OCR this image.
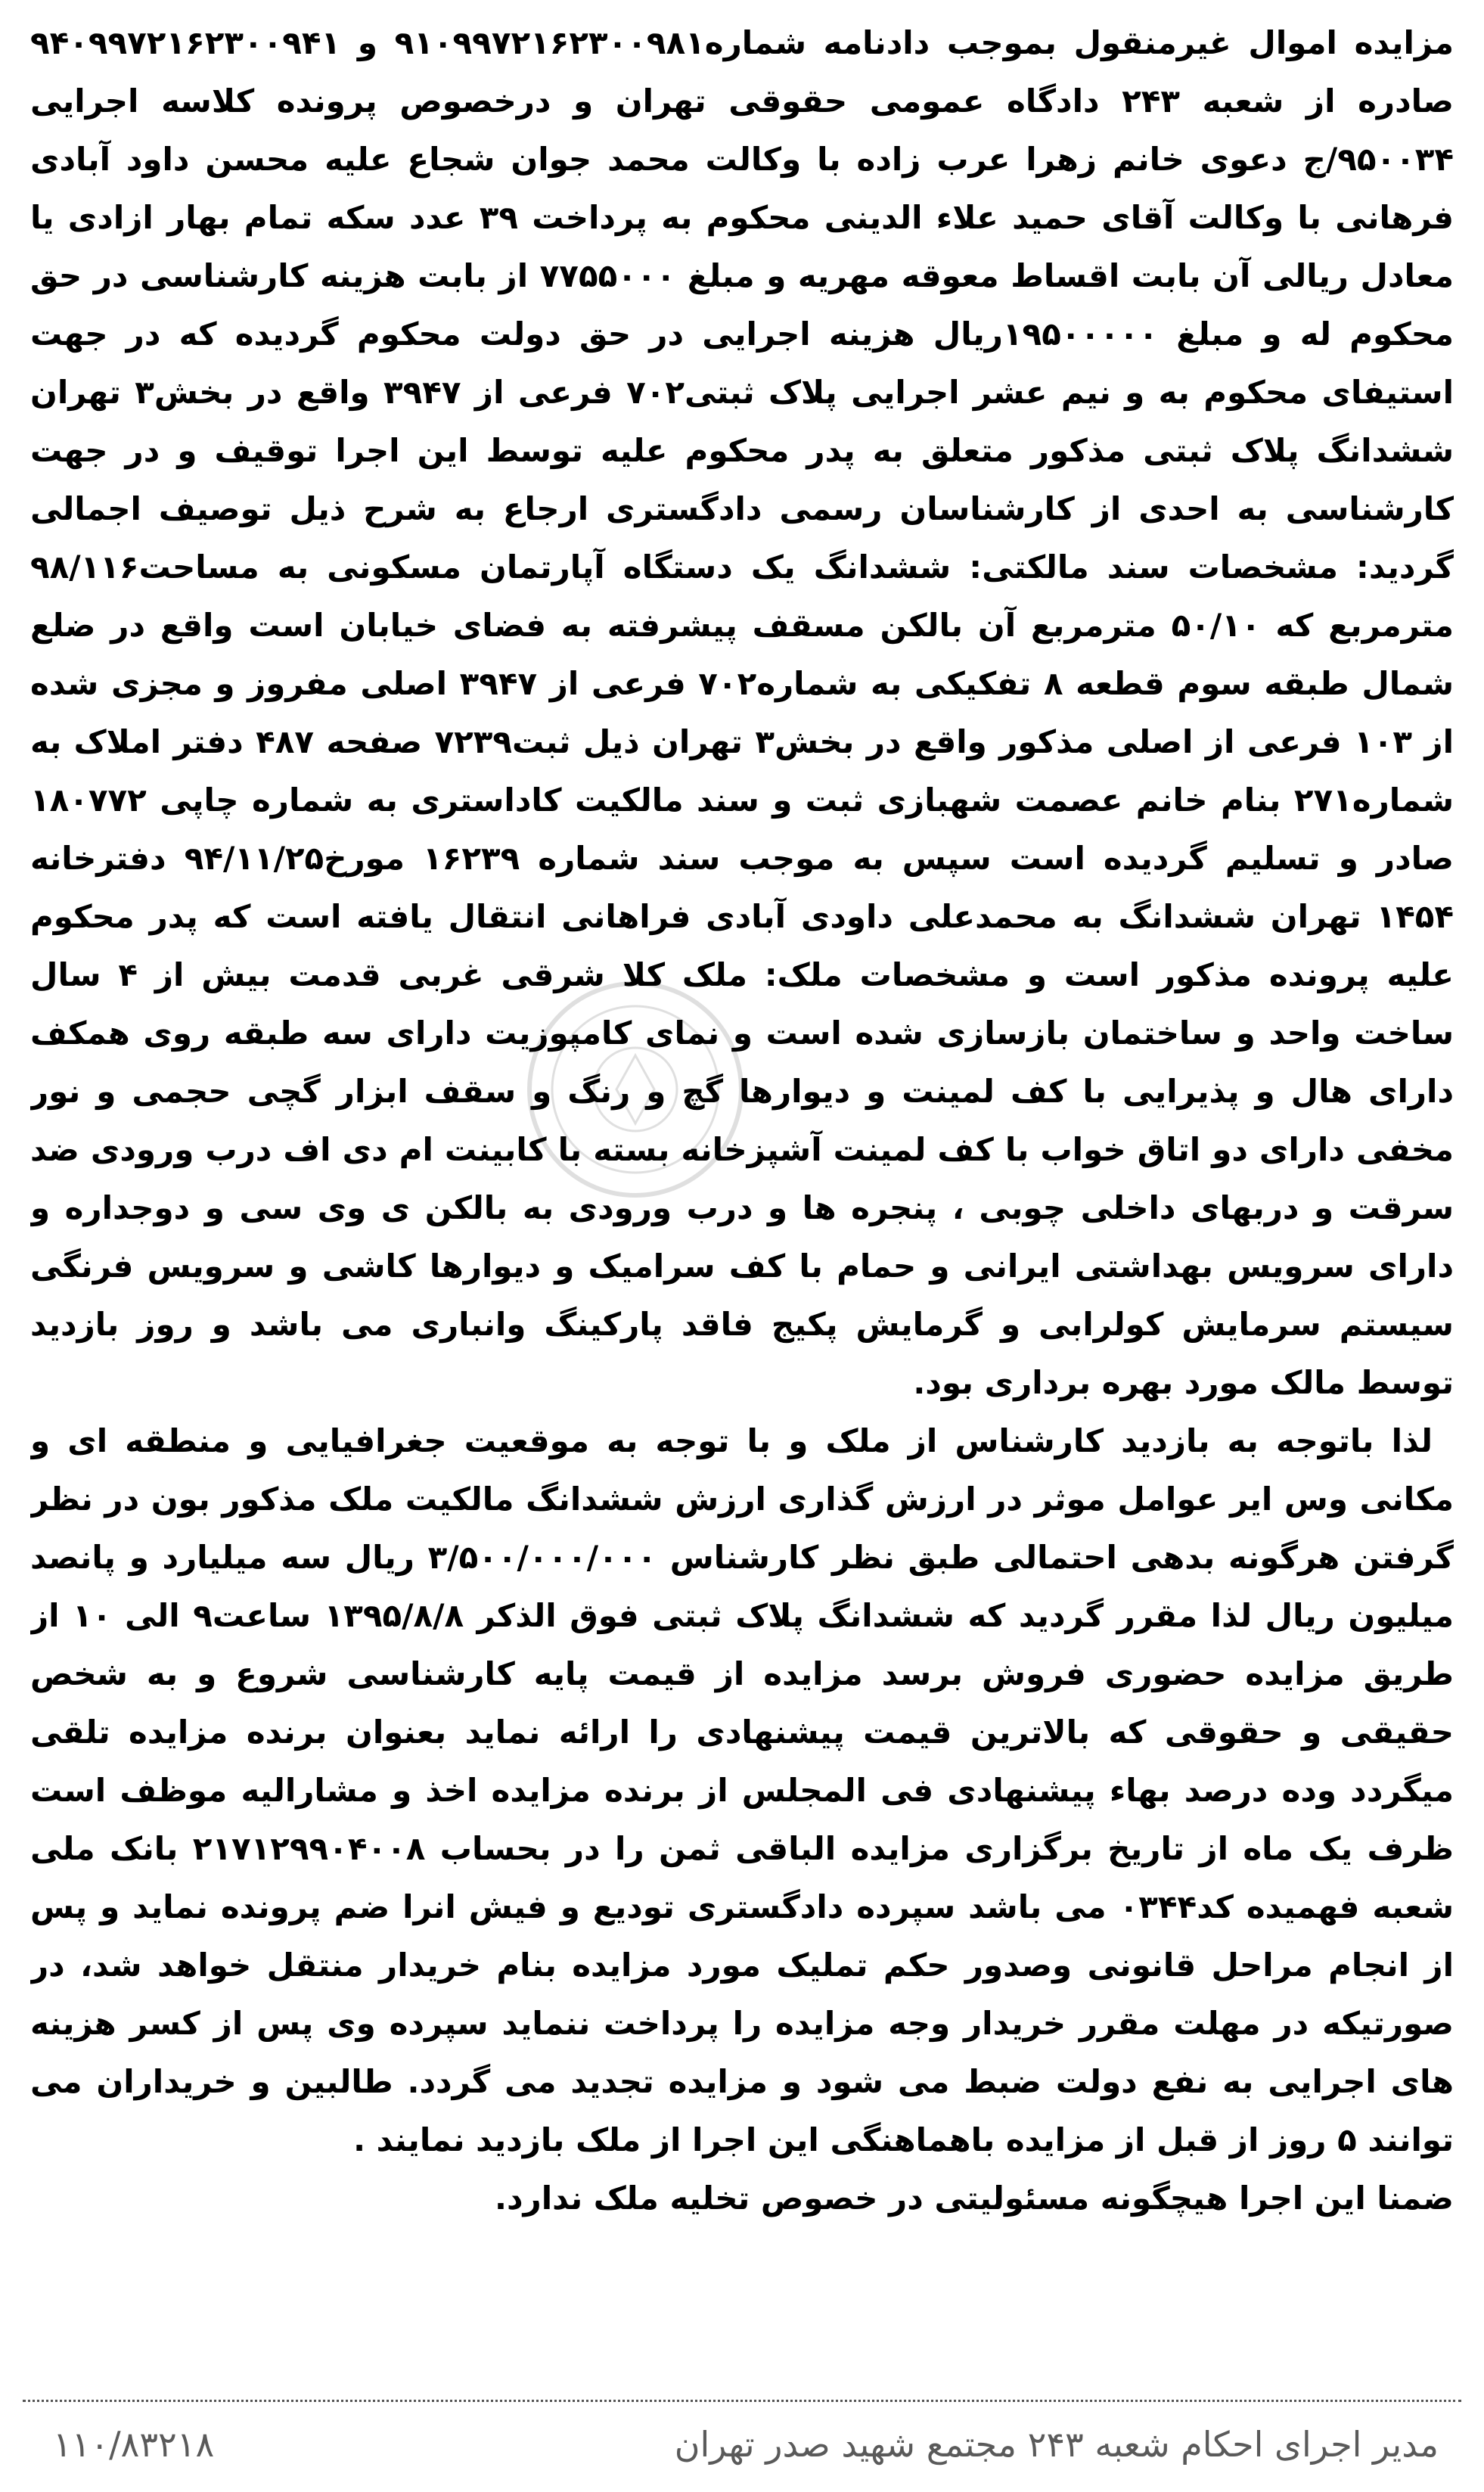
مزایده اموال غیرمنقول بموجب دادنامه شماره۹۱۰۹۹۷۲۱۶۲۳۰۰۹۸۱ و ۹۴۰۹۹۷۲۱۶۲۳۰۰۹۴۱ صادره از شعبه ۲۴۳ دادگاه عمومی حقوقی تهران و درخصوص پرونده کلاسه اجرایی ۹۵۰۰۳۴/ج دعوی خانم زهرا عرب زاده با وکالت محمد جوان شجاع علیه محسن داود آبادی فرهانی با وکالت آقای حمید علاء الدینی محکوم به پرداخت ۳۹ عدد سکه تمام بهار ازادی یا معادل ریالی آن بابت اقساط معوقه مهریه و مبلغ ۷۷۵۵۰۰۰ از بابت هزینه کارشناسی در حق محکوم له و مبلغ ۱۹۵۰۰۰۰۰ریال هزینه اجرایی در حق دولت محکوم گردیده که در جهت استیفای محکوم به و نیم عشر اجرایی پلاک ثبتی۷۰۲ فرعی از ۳۹۴۷ واقع در بخش۳ تهران ششدانگ پلاک ثبتی مذکور متعلق به پدر محکوم علیه توسط این اجرا توقیف و در جهت کارشناسی به احدی از کارشناسان رسمی دادگستری ارجاع به شرح ذیل توصیف اجمالی گردید: مشخصات سند مالکتی: ششدانگ یک دستگاه آپارتمان مسکونی به مساحت۹۸/۱۱۶ مترمربع که ۵۰/۱۰ مترمربع آن بالکن مسقف پیشرفته به فضای خیابان است واقع در ضلع شمال طبقه سوم قطعه ۸ تفکیکی به شماره۷۰۲ فرعی از ۳۹۴۷ اصلی مفروز و مجزی شده از ۱۰۳ فرعی از اصلی مذکور واقع در بخش۳ تهران ذیل ثبت۷۲۳۹ صفحه ۴۸۷ دفتر املاک به شماره۲۷۱ بنام خانم عصمت شهبازی ثبت و سند مالکیت کاداستری به شماره چاپی ۱۸۰۷۷۲ صادر و تسلیم گردیده است سپس به موجب سند شماره ۱۶۲۳۹ مورخ۹۴/۱۱/۲۵ دفترخانه ۱۴۵۴ تهران ششدانگ به محمدعلی داودی آبادی فراهانی انتقال یافته است که پدر محکوم علیه پرونده مذکور است و مشخصات ملک: ملک کلا شرقی غربی قدمت بیش از ۴ سال ساخت واحد و ساختمان بازسازی شده است و نمای کامپوزیت دارای سه طبقه روی همکف دارای هال و پذیرایی با کف لمینت و دیوارها گچ و رنگ و سقف ابزار گچی حجمی و نور مخفی دارای دو اتاق خواب با کف لمینت آشپزخانه بسته با کابینت ام دی اف درب ورودی ضد سرقت و دربهای داخلی چوبی ، پنجره ها و درب ورودی به بالکن ی وی سی و دوجداره و دارای سرویس بهداشتی ایرانی و حمام با کف سرامیک و دیوارها کاشی و سرویس فرنگی سیستم سرمایش کولرابی و گرمایش پکیج فاقد پارکینگ وانباری می باشد و روز بازدید توسط مالک مورد بهره برداری بود.

لذا باتوجه به بازدید کارشناس از ملک و با توجه به موقعیت جغرافیایی و منطقه ای و مکانی وس ایر عوامل موثر در ارزش گذاری ارزش ششدانگ مالکیت ملک مذکور بون در نظر گرفتن هرگونه بدهی احتمالی طبق نظر کارشناس ۳/۵۰۰/۰۰۰/۰۰۰ ریال سه میلیارد و پانصد میلیون ریال لذا مقرر گردید که ششدانگ پلاک ثبتی فوق الذکر ۱۳۹۵/۸/۸ ساعت۹ الی ۱۰ از طریق مزایده حضوری فروش برسد مزایده از قیمت پایه کارشناسی شروع و به شخص حقیقی و حقوقی که بالاترین قیمت پیشنهادی را ارائه نماید بعنوان برنده مزایده تلقی میگردد وده درصد بهاء پیشنهادی فی المجلس از برنده مزایده اخذ و مشارالیه موظف است ظرف یک ماه از تاریخ برگزاری مزایده الباقی ثمن را در بحساب ۲۱۷۱۲۹۹۰۴۰۰۸ بانک ملی شعبه فهمیده کد۰۳۴۴ می باشد سپرده دادگستری تودیع و فیش انرا ضم پرونده نماید و پس از انجام مراحل قانونی وصدور حکم تملیک مورد مزایده بنام خریدار منتقل خواهد شد، در صورتیکه در مهلت مقرر خریدار وجه مزایده را پرداخت ننماید سپرده وی پس از کسر هزینه های اجرایی به نفع دولت ضبط می شود و مزایده تجدید می گردد. طالبین و خریداران می توانند ۵ روز از قبل از مزایده باهماهنگی این اجرا از ملک بازدید نمایند .

ضمنا این اجرا هیچگونه مسئولیتی در خصوص تخلیه ملک ندارد.

مدیر اجرای احکام شعبه ۲۴۳ مجتمع شهید صدر تهران
۱۱۰/۸۳۲۱۸
